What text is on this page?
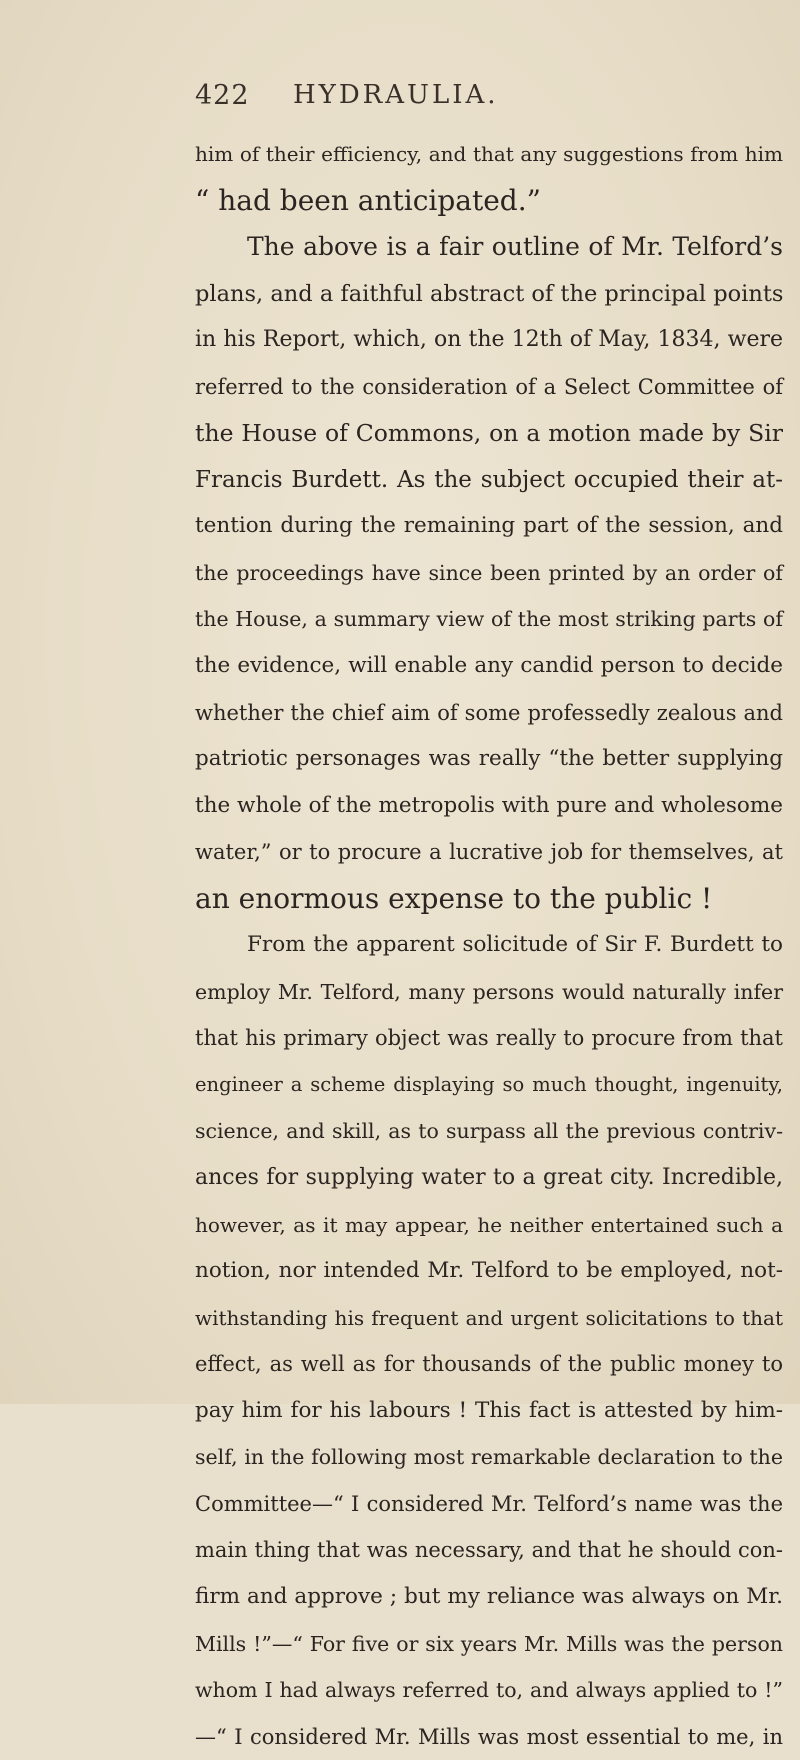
422 HYDRAULIA.
him of their efficiency, and that any suggestions from him
“ had been anticipated.”
The above is a fair outline of Mr. Telford’s
plans, and a faithful abstract of the principal points
in his Report, which, on the 12th of May, 1834, were
referred to the consideration of a Select Committee of
the House of Commons, on a motion made by Sir
Francis Burdett. As the subject occupied their at-
tention during the remaining part of the session, and
the proceedings have since been printed by an order of
the House, a summary view of the most striking parts of
the evidence, will enable any candid person to decide
whether the chief aim of some professedly zealous and
patriotic personages was really “the better supplying
the whole of the metropolis with pure and wholesome
water,” or to procure a lucrative job for themselves, at
an enormous expense to the public !
From the apparent solicitude of Sir F. Burdett to
employ Mr. Telford, many persons would naturally infer
that his primary object was really to procure from that
engineer a scheme displaying so much thought, ingenuity,
science, and skill, as to surpass all the previous contriv-
ances for supplying water to a great city. Incredible,
however, as it may appear, he neither entertained such a
notion, nor intended Mr. Telford to be employed, not-
withstanding his frequent and urgent solicitations to that
effect, as well as for thousands of the public money to
pay him for his labours ! This fact is attested by him-
self, in the following most remarkable declaration to the
Committee—“ I considered Mr. Telford’s name was the
main thing that was necessary, and that he should con-
firm and approve ; but my reliance was always on Mr.
Mills !”—“ For five or six years Mr. Mills was the person
whom I had always referred to, and always applied to !”
—“ I considered Mr. Mills was most essential to me, in
